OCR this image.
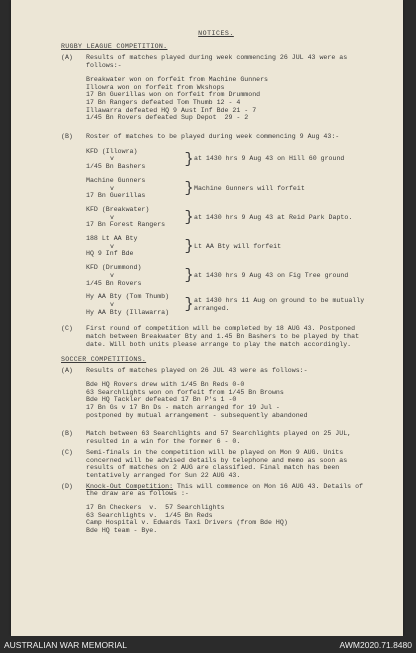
NOTICES.
RUGBY LEAGUE COMPETITION.
(A)	Results of matches played during week commencing 26 JUL 43 were as follows:-
Breakwater won on forfeit from Machine Gunners
Illowra won on forfeit from Wkshops
17 Bn Guerillas won on forfeit from Drummond
17 Bn Rangers defeated Tom Thumb 12 - 4
Illawarra defeated HQ 9 Aust Inf Bde 21 - 7
1/45 Bn Rovers defeated Sup Depot  29 - 2
(B)	Roster of matches to be played during week commencing 9 Aug 43:-
KFD (Illowra)
v
1/45 Bn Bashers	} at 1430 hrs 9 Aug 43 on Hill 60 ground
Machine Gunners
v
17 Bn Guerillas	} Machine Gunners will forfeit
KFD (Breakwater)
v
17 Bn Forest Rangers	} at 1430 hrs 9 Aug 43 at Reid Park Dapto.
188 Lt AA Bty
v
HQ 9 Inf Bde	} Lt AA Bty will forfeit
KFD (Drummond)
v
1/45 Bn Rovers	} at 1430 hrs 9 Aug 43 on Fig Tree ground
Hy AA Bty (Tom Thumb)
v
Hy AA Bty (Illawarra)	} at 1430 hrs 11 Aug on ground to be mutually arranged.
(C)	First round of competition will be completed by 18 AUG 43. Postponed match between Breakwater Bty and 1.45 Bn Bashers to be played by that date. Will both units please arrange to play the match accordingly.
SOCCER COMPETITIONS.
(A)	Results of matches played on 26 JUL 43 were as follows:-
Bde HQ Rovers drew with 1/45 Bn Reds 0-0
63 Searchlights won on forfeit from 1/45 Bn Browns
Bde HQ Tackler defeated 17 Bn P's 1 -0
17 Bn Gs v 17 Bn Ds - match arranged for 19 Jul -
postponed by mutual arrangement - subsequently abandoned
(B)	Match between 63 Searchlights and 57 Searchlights played on 25 JUL, resulted in a win for the former 6 - 0.
(C)	Semi-finals in the competition will be played on Mon 9 AUG. Units concerned will be advised details by telephone and memo as soon as results of matches on 2 AUG are classified. Final match has been tentatively arranged for Sun 22 AUG 43.
(D)	Knock-Out Competition: This will commence on Mon 16 AUG 43. Details of the draw are as follows :-
17 Bn Checkers  v.  57 Searchlights
63 Searchlights v.  1/45 Bn Reds
Camp Hospital v. Edwards Taxi Drivers (from Bde HQ)
Bde HQ team - Bye.
AUSTRALIAN WAR MEMORIAL	AWM2020.71.8480
